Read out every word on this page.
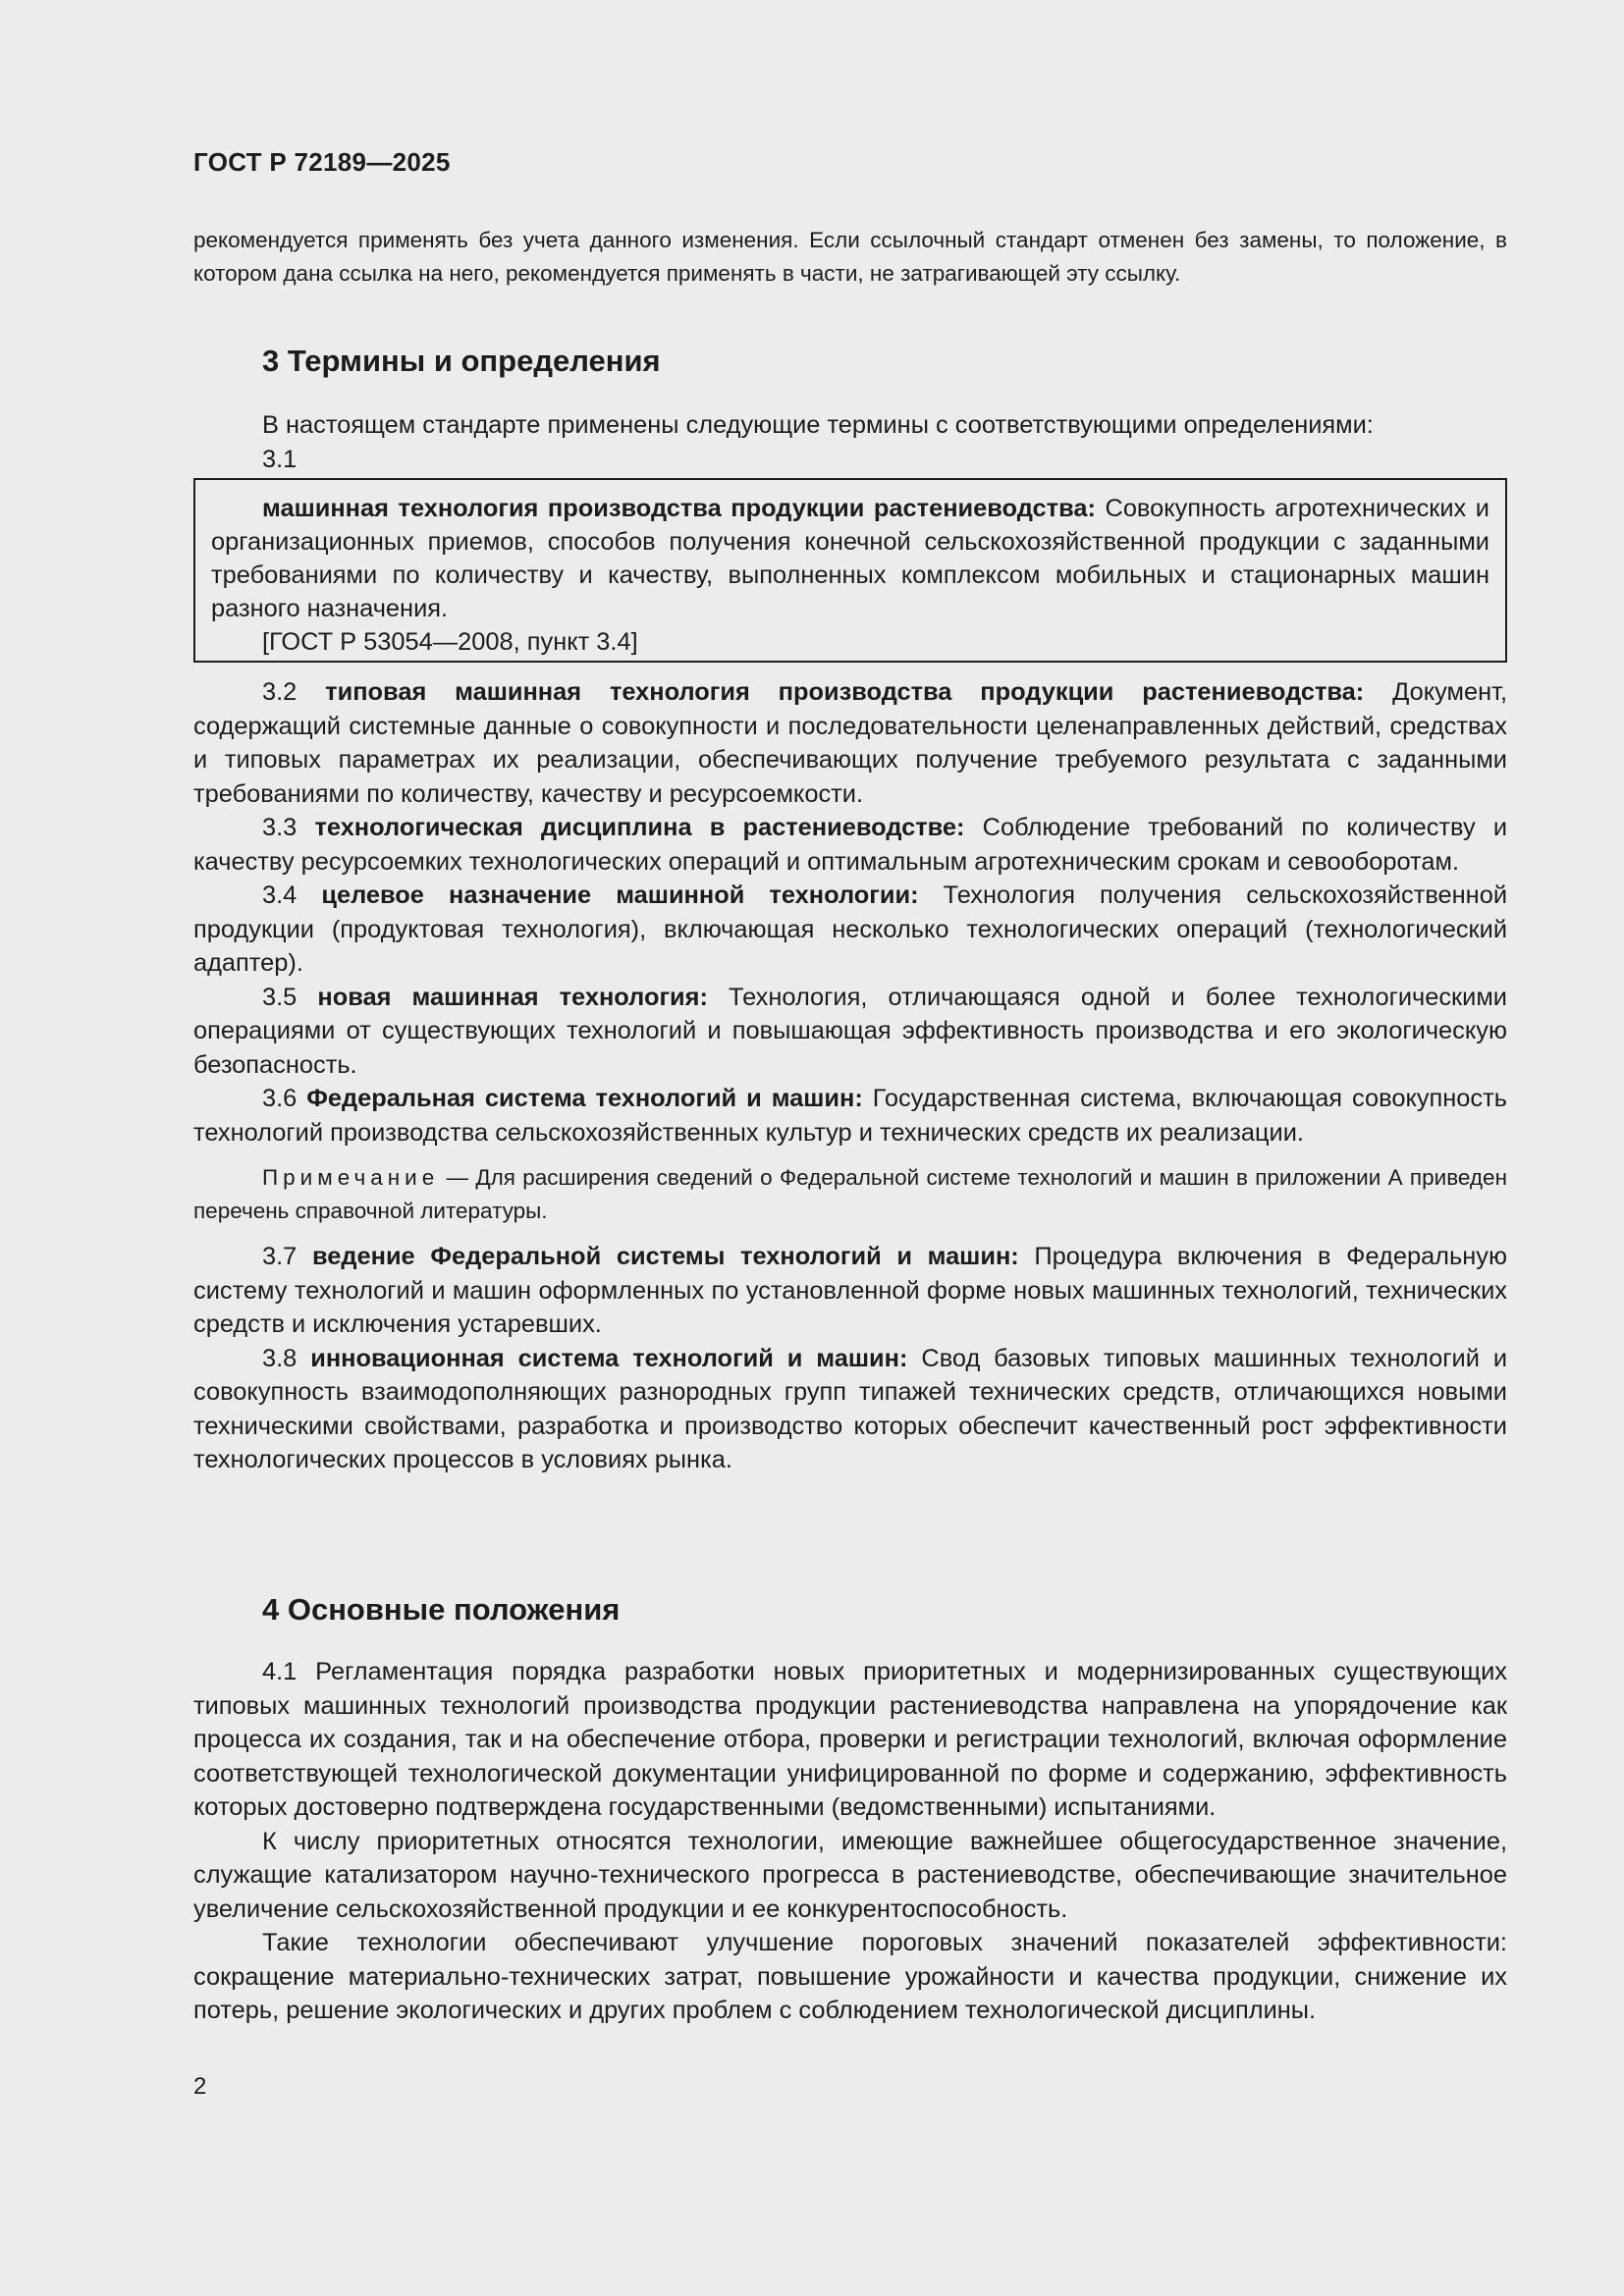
ГОСТ Р 72189—2025

рекомендуется применять без учета данного изменения. Если ссылочный стандарт отменен без замены, то положение, в котором дана ссылка на него, рекомендуется применять в части, не затрагивающей эту ссылку.

3 Термины и определения

В настоящем стандарте применены следующие термины с соответствующими определениями:

3.1

машинная технология производства продукции растениеводства: Совокупность агротехнических и организационных приемов, способов получения конечной сельскохозяйственной продукции с заданными требованиями по количеству и качеству, выполненных комплексом мобильных и стационарных машин разного назначения.

[ГОСТ Р 53054—2008, пункт 3.4]

3.2 типовая машинная технология производства продукции растениеводства: Документ, содержащий системные данные о совокупности и последовательности целенаправленных действий, средствах и типовых параметрах их реализации, обеспечивающих получение требуемого результата с заданными требованиями по количеству, качеству и ресурсоемкости.

3.3 технологическая дисциплина в растениеводстве: Соблюдение требований по количеству и качеству ресурсоемких технологических операций и оптимальным агротехническим срокам и севооборотам.

3.4 целевое назначение машинной технологии: Технология получения сельскохозяйственной продукции (продуктовая технология), включающая несколько технологических операций (технологический адаптер).

3.5 новая машинная технология: Технология, отличающаяся одной и более технологическими операциями от существующих технологий и повышающая эффективность производства и его экологическую безопасность.

3.6 Федеральная система технологий и машин: Государственная система, включающая совокупность технологий производства сельскохозяйственных культур и технических средств их реализации.

Примечание — Для расширения сведений о Федеральной системе технологий и машин в приложении А приведен перечень справочной литературы.

3.7 ведение Федеральной системы технологий и машин: Процедура включения в Федеральную систему технологий и машин оформленных по установленной форме новых машинных технологий, технических средств и исключения устаревших.

3.8 инновационная система технологий и машин: Свод базовых типовых машинных технологий и совокупность взаимодополняющих разнородных групп типажей технических средств, отличающихся новыми техническими свойствами, разработка и производство которых обеспечит качественный рост эффективности технологических процессов в условиях рынка.

4 Основные положения

4.1 Регламентация порядка разработки новых приоритетных и модернизированных существующих типовых машинных технологий производства продукции растениеводства направлена на упорядочение как процесса их создания, так и на обеспечение отбора, проверки и регистрации технологий, включая оформление соответствующей технологической документации унифицированной по форме и содержанию, эффективность которых достоверно подтверждена государственными (ведомственными) испытаниями.

К числу приоритетных относятся технологии, имеющие важнейшее общегосударственное значение, служащие катализатором научно-технического прогресса в растениеводстве, обеспечивающие значительное увеличение сельскохозяйственной продукции и ее конкурентоспособность.

Такие технологии обеспечивают улучшение пороговых значений показателей эффективности: сокращение материально-технических затрат, повышение урожайности и качества продукции, снижение их потерь, решение экологических и других проблем с соблюдением технологической дисциплины.

2
